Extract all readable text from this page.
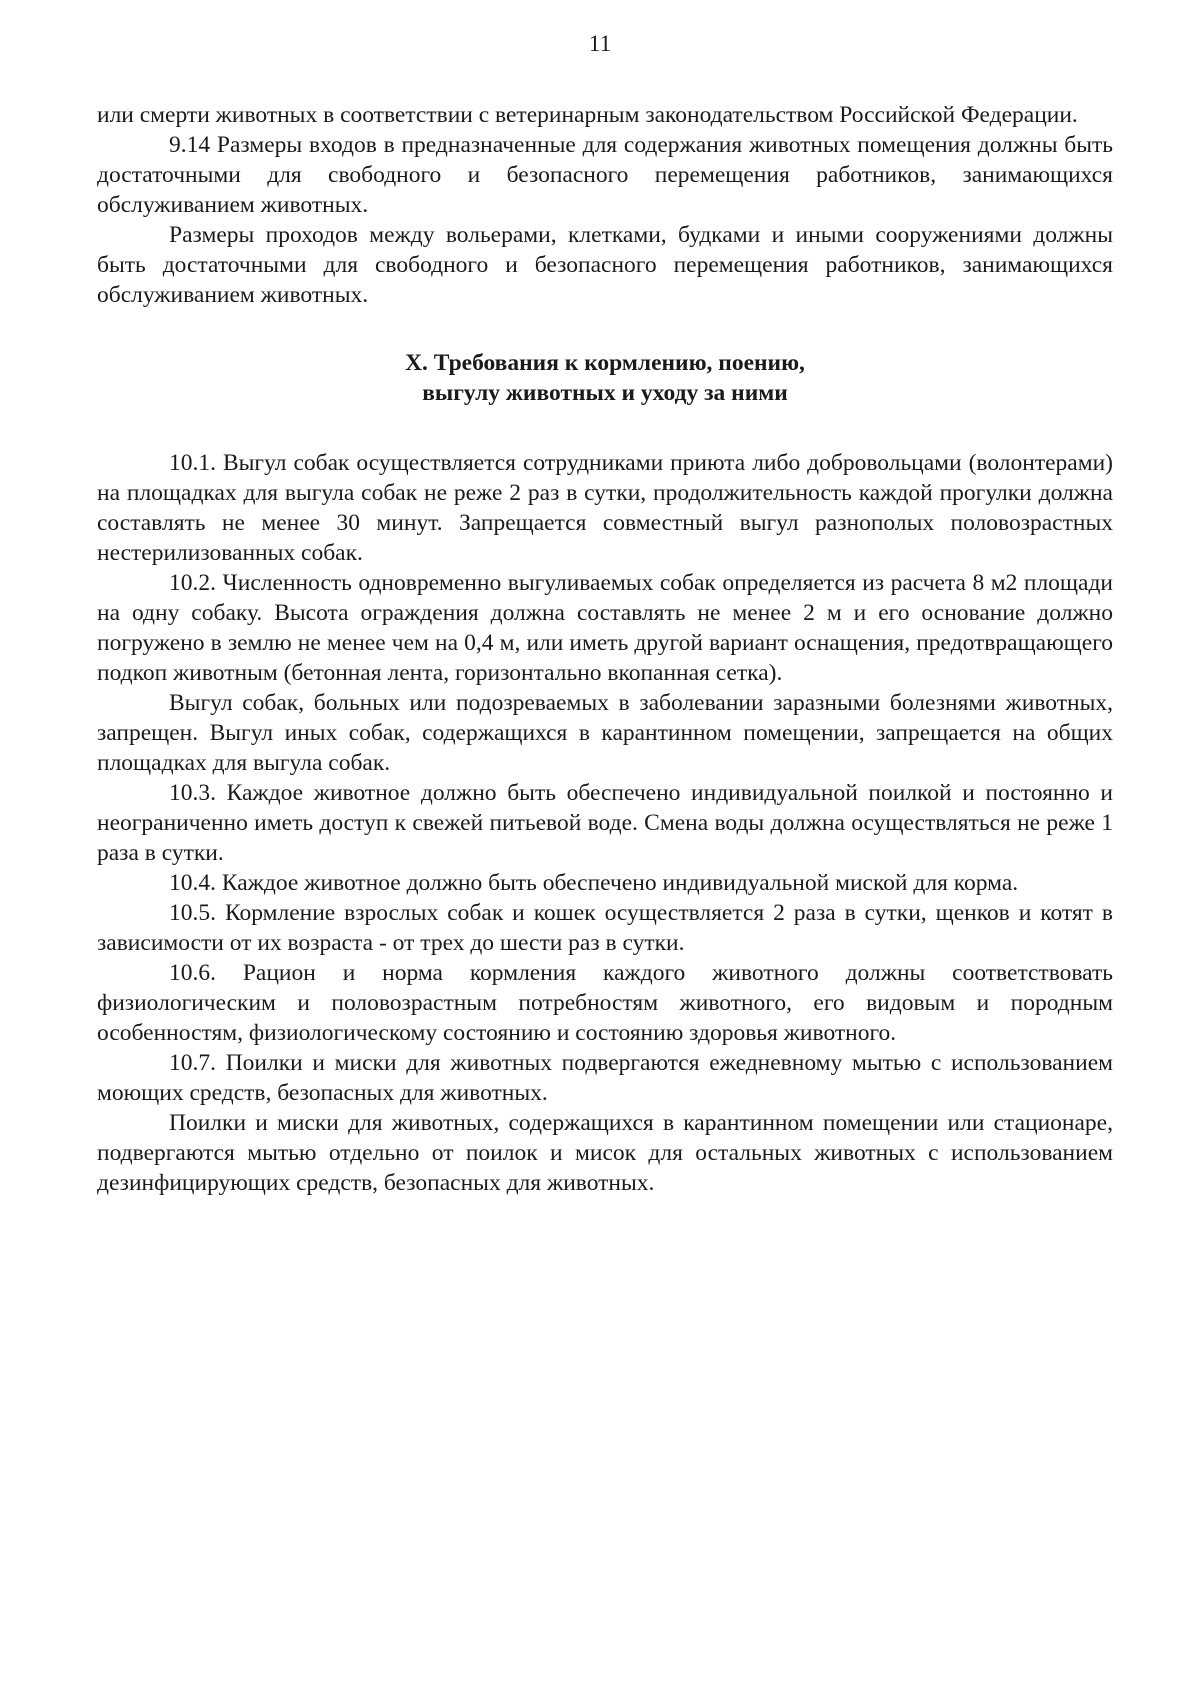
11

или смерти животных в соответствии с ветеринарным законодательством Российской Федерации.

9.14 Размеры входов в предназначенные для содержания животных помещения должны быть достаточными для свободного и безопасного перемещения работников, занимающихся обслуживанием животных.

Размеры проходов между вольерами, клетками, будками и иными сооружениями должны быть достаточными для свободного и безопасного перемещения работников, занимающихся обслуживанием животных.

X. Требования к кормлению, поению,
выгулу животных и уходу за ними

10.1. Выгул собак осуществляется сотрудниками приюта либо добровольцами (волонтерами) на площадках для выгула собак не реже 2 раз в сутки, продолжительность каждой прогулки должна составлять не менее 30 минут. Запрещается совместный выгул разнополых половозрастных нестерилизованных собак.

10.2. Численность одновременно выгуливаемых собак определяется из расчета 8 м2 площади на одну собаку. Высота ограждения должна составлять не менее 2 м и его основание должно погружено в землю не менее чем на 0,4 м, или иметь другой вариант оснащения, предотвращающего подкоп животным (бетонная лента, горизонтально вкопанная сетка).

Выгул собак, больных или подозреваемых в заболевании заразными болезнями животных, запрещен. Выгул иных собак, содержащихся в карантинном помещении, запрещается на общих площадках для выгула собак.

10.3. Каждое животное должно быть обеспечено индивидуальной поилкой и постоянно и неограниченно иметь доступ к свежей питьевой воде. Смена воды должна осуществляться не реже 1 раза в сутки.

10.4. Каждое животное должно быть обеспечено индивидуальной миской для корма.

10.5. Кормление взрослых собак и кошек осуществляется 2 раза в сутки, щенков и котят в зависимости от их возраста - от трех до шести раз в сутки.

10.6. Рацион и норма кормления каждого животного должны соответствовать физиологическим и половозрастным потребностям животного, его видовым и породным особенностям, физиологическому состоянию и состоянию здоровья животного.

10.7. Поилки и миски для животных подвергаются ежедневному мытью с использованием моющих средств, безопасных для животных.

Поилки и миски для животных, содержащихся в карантинном помещении или стационаре, подвергаются мытью отдельно от поилок и мисок для остальных животных с использованием дезинфицирующих средств, безопасных для животных.
